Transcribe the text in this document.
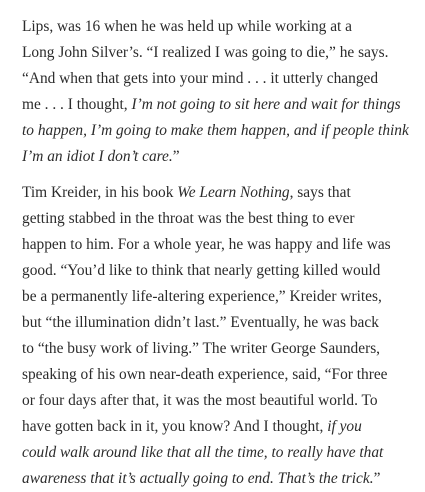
Lips, was 16 when he was held up while working at a
Long John Silver’s. “I realized I was going to die,” he says.
“And when that gets into your mind . . . it utterly changed
me . . . I thought, I’m not going to sit here and wait for things
to happen, I’m going to make them happen, and if people think
I’m an idiot I don’t care.”

Tim Kreider, in his book We Learn Nothing, says that
getting stabbed in the throat was the best thing to ever
happen to him. For a whole year, he was happy and life was
good. “You’d like to think that nearly getting killed would
be a permanently life-altering experience,” Kreider writes,
but “the illumination didn’t last.” Eventually, he was back
to “the busy work of living.” The writer George Saunders,
speaking of his own near-death experience, said, “For three
or four days after that, it was the most beautiful world. To
have gotten back in it, you know? And I thought, if you
could walk around like that all the time, to really have that
awareness that it’s actually going to end. That’s the trick.”
